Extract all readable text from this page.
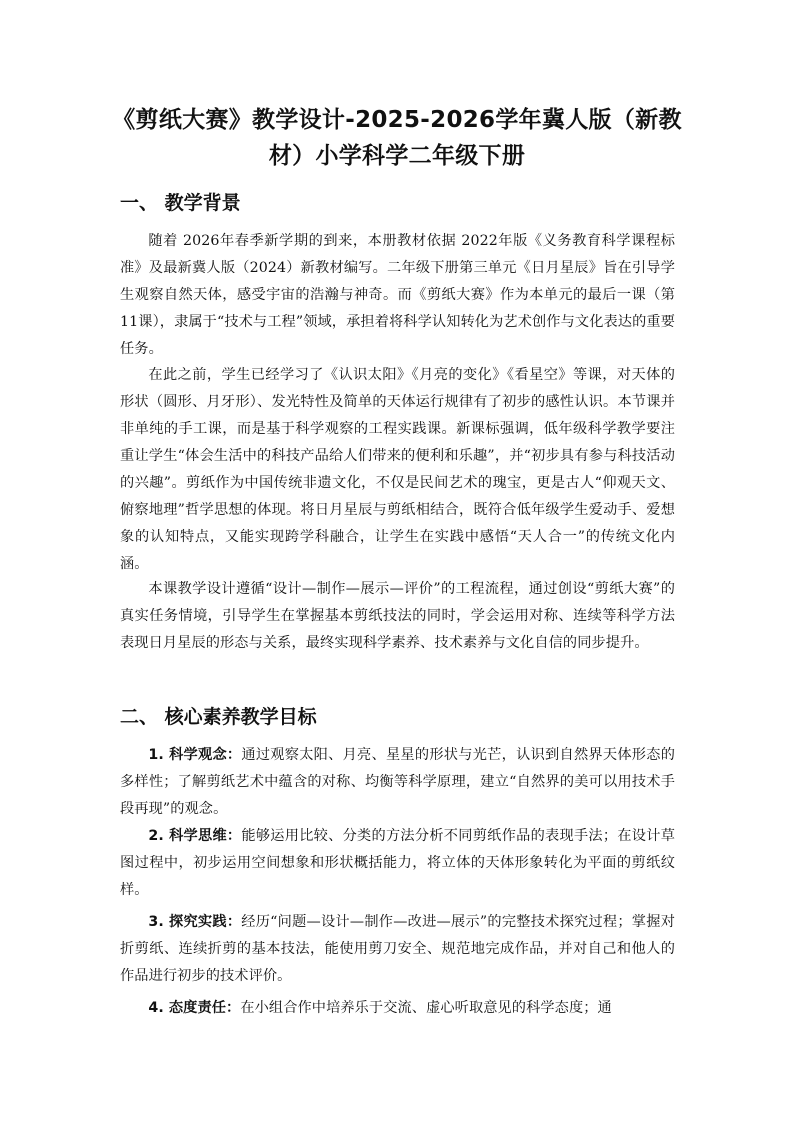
《剪纸大赛》教学设计-2025-2026学年冀人版（新教材）小学科学二年级下册
一、 教学背景

随着 2026年春季新学期的到来，本册教材依据 2022年版《义务教育科学课程标准》及最新冀人版（2024）新教材编写。二年级下册第三单元《日月星辰》旨在引导学生观察自然天体，感受宇宙的浩瀚与神奇。而《剪纸大赛》作为本单元的最后一课（第 11课），隶属于“技术与工程”领域，承担着将科学认知转化为艺术创作与文化表达的重要任务。

在此之前，学生已经学习了《认识太阳》《月亮的变化》《看星空》等课，对天体的形状（圆形、月牙形）、发光特性及简单的天体运行规律有了初步的感性认识。本节课并非单纯的手工课，而是基于科学观察的工程实践课。新课标强调，低年级科学教学要注重让学生“体会生活中的科技产品给人们带来的便利和乐趣”，并“初步具有参与科技活动的兴趣”。剪纸作为中国传统非遗文化，不仅是民间艺术的瑰宝，更是古人“仰观天文、俯察地理”哲学思想的体现。将日月星辰与剪纸相结合，既符合低年级学生爱动手、爱想象的认知特点，又能实现跨学科融合，让学生在实践中感悟“天人合一”的传统文化内涵。

本课教学设计遵循“设计—制作—展示—评价”的工程流程，通过创设“剪纸大赛”的真实任务情境，引导学生在掌握基本剪纸技法的同时，学会运用对称、连续等科学方法表现日月星辰的形态与关系，最终实现科学素养、技术素养与文化自信的同步提升。

二、 核心素养教学目标

1. 科学观念：通过观察太阳、月亮、星星的形状与光芒，认识到自然界天体形态的多样性；了解剪纸艺术中蕴含的对称、均衡等科学原理，建立“自然界的美可以用技术手段再现”的观念。

2. 科学思维：能够运用比较、分类的方法分析不同剪纸作品的表现手法；在设计草图过程中，初步运用空间想象和形状概括能力，将立体的天体形象转化为平面的剪纸纹样。

3. 探究实践：经历“问题—设计—制作—改进—展示”的完整技术探究过程；掌握对折剪纸、连续折剪的基本技法，能使用剪刀安全、规范地完成作品，并对自己和他人的作品进行初步的技术评价。

4. 态度责任：在小组合作中培养乐于交流、虚心听取意见的科学态度；通
